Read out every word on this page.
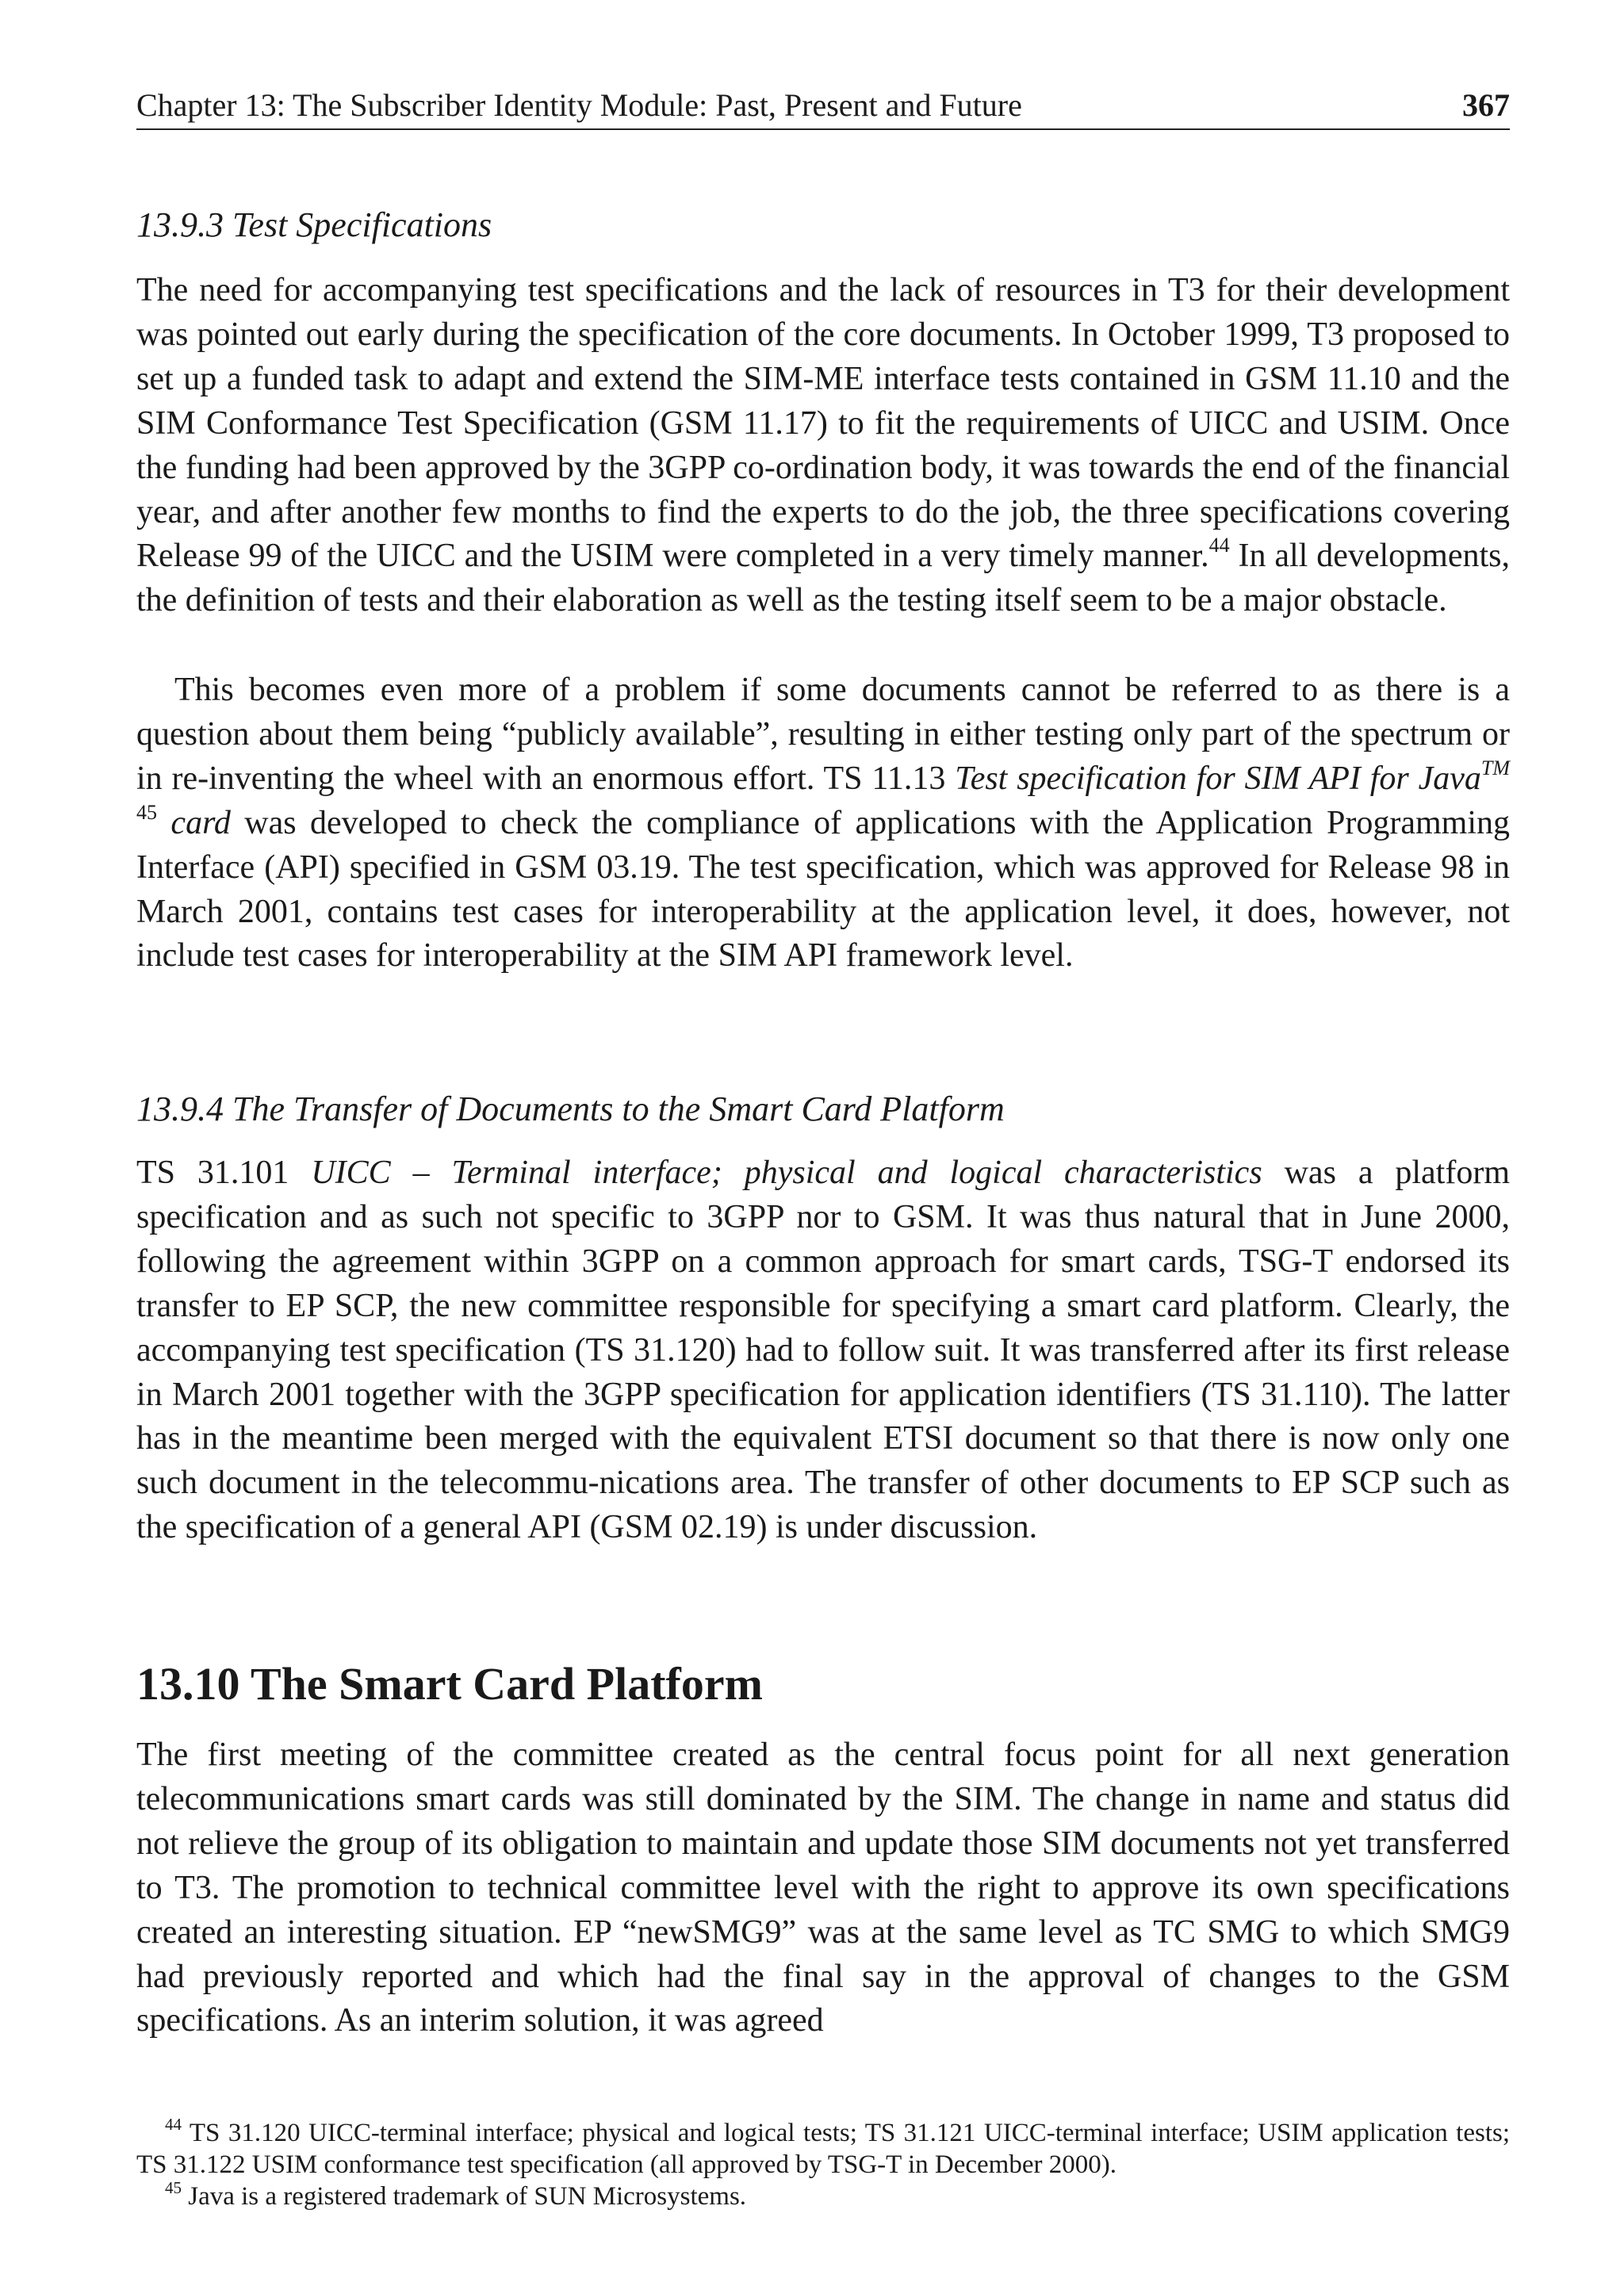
Chapter 13: The Subscriber Identity Module: Past, Present and Future	367
13.9.3 Test Specifications

The need for accompanying test specifications and the lack of resources in T3 for their development was pointed out early during the specification of the core documents. In October 1999, T3 proposed to set up a funded task to adapt and extend the SIM-ME interface tests contained in GSM 11.10 and the SIM Conformance Test Specification (GSM 11.17) to fit the requirements of UICC and USIM. Once the funding had been approved by the 3GPP co-ordination body, it was towards the end of the financial year, and after another few months to find the experts to do the job, the three specifications covering Release 99 of the UICC and the USIM were completed in a very timely manner.$^{44}$ In all developments, the definition of tests and their elaboration as well as the testing itself seem to be a major obstacle.

This becomes even more of a problem if some documents cannot be referred to as there is a question about them being “publicly available”, resulting in either testing only part of the spectrum or in re-inventing the wheel with an enormous effort. TS 11.13 Test specification for SIM API for Java$^{TM 45}$ card was developed to check the compliance of applications with the Application Programming Interface (API) specified in GSM 03.19. The test specification, which was approved for Release 98 in March 2001, contains test cases for interoperability at the application level, it does, however, not include test cases for interoperability at the SIM API framework level.

13.9.4 The Transfer of Documents to the Smart Card Platform

TS 31.101 UICC – Terminal interface; physical and logical characteristics was a platform specification and as such not specific to 3GPP nor to GSM. It was thus natural that in June 2000, following the agreement within 3GPP on a common approach for smart cards, TSG-T endorsed its transfer to EP SCP, the new committee responsible for specifying a smart card platform. Clearly, the accompanying test specification (TS 31.120) had to follow suit. It was transferred after its first release in March 2001 together with the 3GPP specification for application identifiers (TS 31.110). The latter has in the meantime been merged with the equivalent ETSI document so that there is now only one such document in the telecommu-nications area. The transfer of other documents to EP SCP such as the specification of a general API (GSM 02.19) is under discussion.

13.10 The Smart Card Platform

The first meeting of the committee created as the central focus point for all next generation telecommunications smart cards was still dominated by the SIM. The change in name and status did not relieve the group of its obligation to maintain and update those SIM documents not yet transferred to T3. The promotion to technical committee level with the right to approve its own specifications created an interesting situation. EP “newSMG9” was at the same level as TC SMG to which SMG9 had previously reported and which had the final say in the approval of changes to the GSM specifications. As an interim solution, it was agreed

$^{44}$ TS 31.120 UICC-terminal interface; physical and logical tests; TS 31.121 UICC-terminal interface; USIM application tests; TS 31.122 USIM conformance test specification (all approved by TSG-T in December 2000).

$^{45}$ Java is a registered trademark of SUN Microsystems.
